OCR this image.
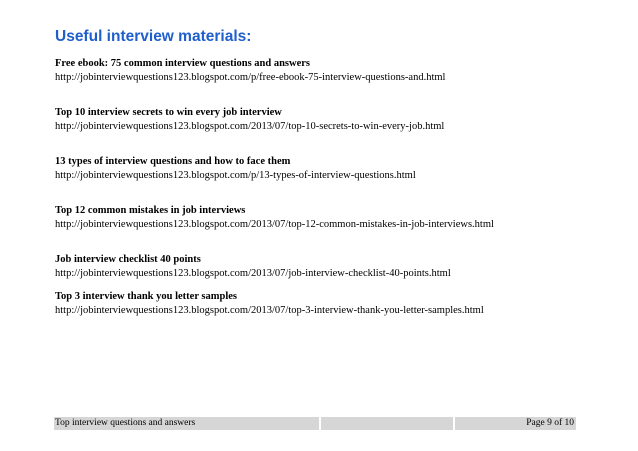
Useful interview materials:
Free ebook: 75 common interview questions and answers
http://jobinterviewquestions123.blogspot.com/p/free-ebook-75-interview-questions-and.html
Top 10 interview secrets to win every job interview
http://jobinterviewquestions123.blogspot.com/2013/07/top-10-secrets-to-win-every-job.html
13 types of interview questions and how to face them
http://jobinterviewquestions123.blogspot.com/p/13-types-of-interview-questions.html
Top 12 common mistakes in job interviews
http://jobinterviewquestions123.blogspot.com/2013/07/top-12-common-mistakes-in-job-interviews.html
Job interview checklist 40 points
http://jobinterviewquestions123.blogspot.com/2013/07/job-interview-checklist-40-points.html
Top 3 interview thank you letter samples
http://jobinterviewquestions123.blogspot.com/2013/07/top-3-interview-thank-you-letter-samples.html
Top interview questions and answers	Page 9 of 10
